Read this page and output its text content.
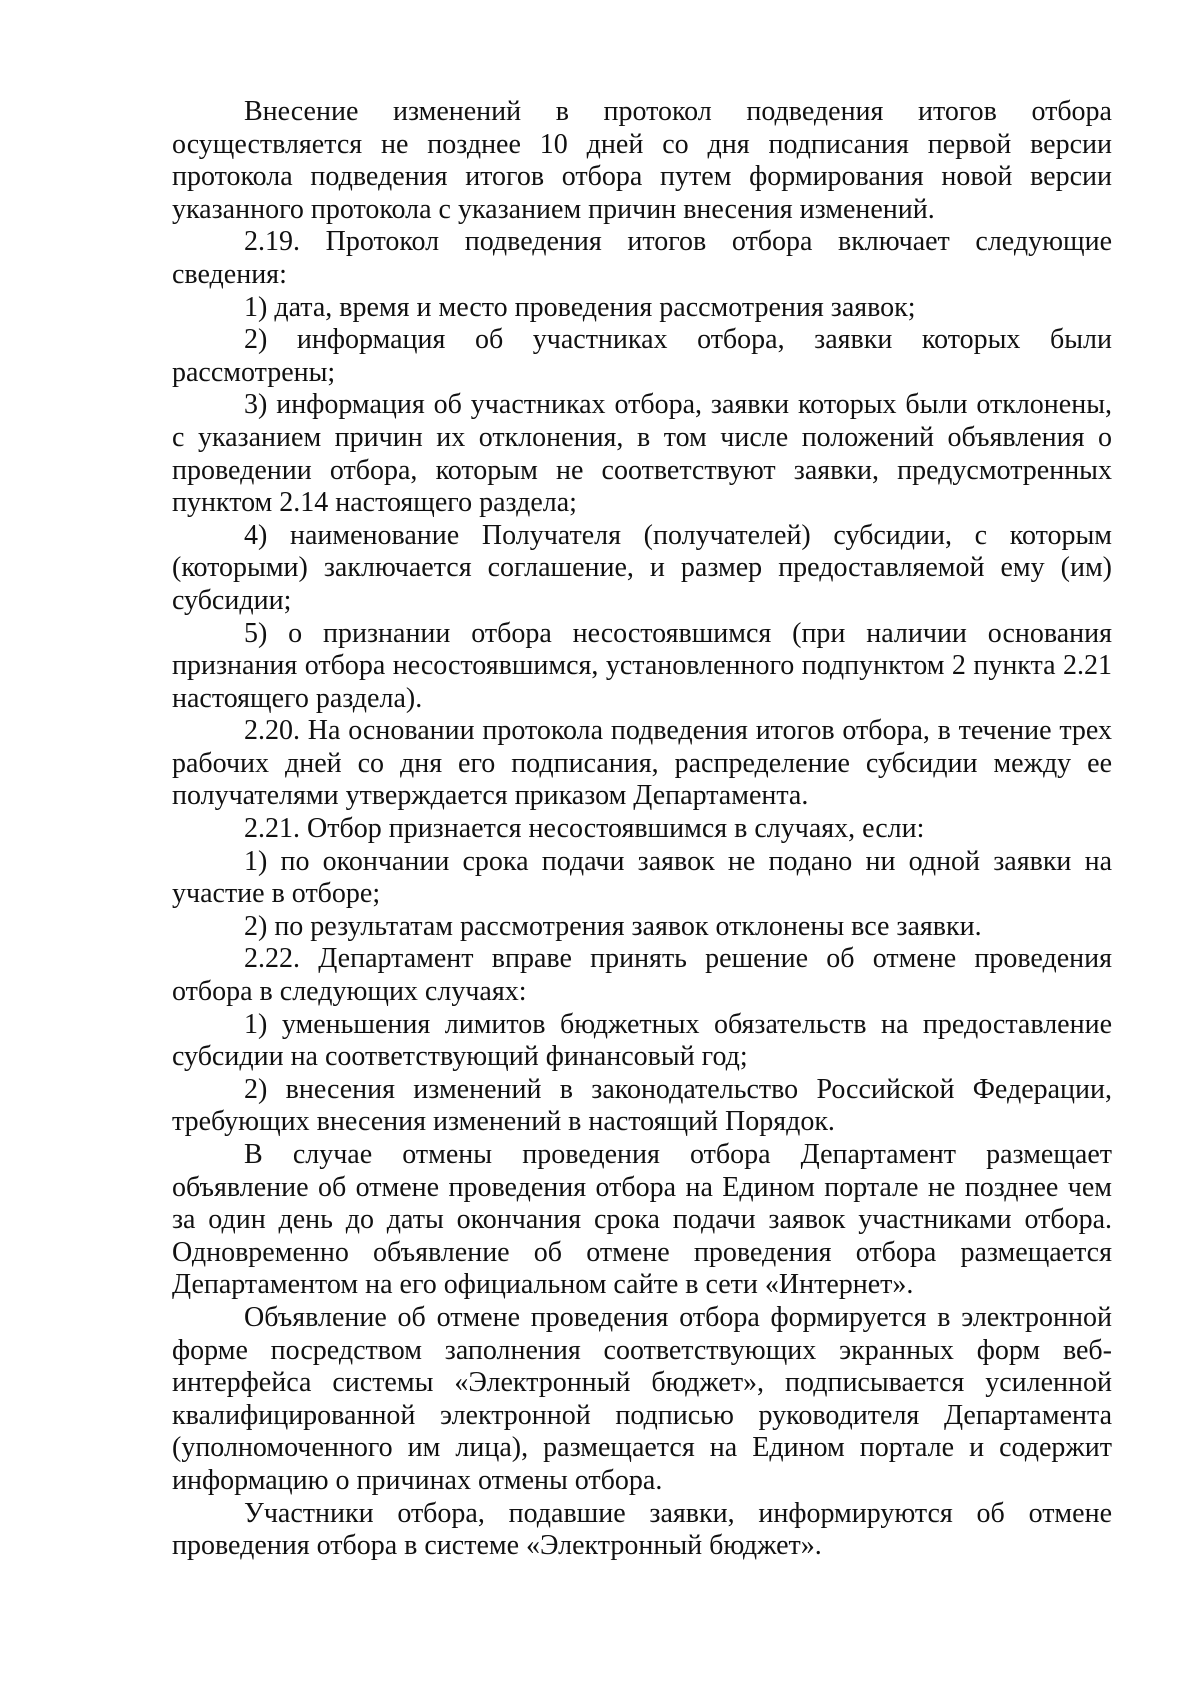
Внесение изменений в протокол подведения итогов отбора осуществляется не позднее 10 дней со дня подписания первой версии протокола подведения итогов отбора путем формирования новой версии указанного протокола с указанием причин внесения изменений.

2.19. Протокол подведения итогов отбора включает следующие сведения:

1) дата, время и место проведения рассмотрения заявок;

2) информация об участниках отбора, заявки которых были рассмотрены;

3) информация об участниках отбора, заявки которых были отклонены, с указанием причин их отклонения, в том числе положений объявления о проведении отбора, которым не соответствуют заявки, предусмотренных пунктом 2.14 настоящего раздела;

4) наименование Получателя (получателей) субсидии, с которым (которыми) заключается соглашение, и размер предоставляемой ему (им) субсидии;

5) о признании отбора несостоявшимся (при наличии основания признания отбора несостоявшимся, установленного подпунктом 2 пункта 2.21 настоящего раздела).

2.20. На основании протокола подведения итогов отбора, в течение трех рабочих дней со дня его подписания, распределение субсидии между ее получателями утверждается приказом Департамента.

2.21. Отбор признается несостоявшимся в случаях, если:

1) по окончании срока подачи заявок не подано ни одной заявки на участие в отборе;

2) по результатам рассмотрения заявок отклонены все заявки.

2.22. Департамент вправе принять решение об отмене проведения отбора в следующих случаях:

1) уменьшения лимитов бюджетных обязательств на предоставление субсидии на соответствующий финансовый год;

2) внесения изменений в законодательство Российской Федерации, требующих внесения изменений в настоящий Порядок.

В случае отмены проведения отбора Департамент размещает объявление об отмене проведения отбора на Едином портале не позднее чем за один день до даты окончания срока подачи заявок участниками отбора. Одновременно объявление об отмене проведения отбора размещается Департаментом на его официальном сайте в сети «Интернет».

Объявление об отмене проведения отбора формируется в электронной форме посредством заполнения соответствующих экранных форм веб-интерфейса системы «Электронный бюджет», подписывается усиленной квалифицированной электронной подписью руководителя Департамента (уполномоченного им лица), размещается на Едином портале и содержит информацию о причинах отмены отбора.

Участники отбора, подавшие заявки, информируются об отмене проведения отбора в системе «Электронный бюджет».
